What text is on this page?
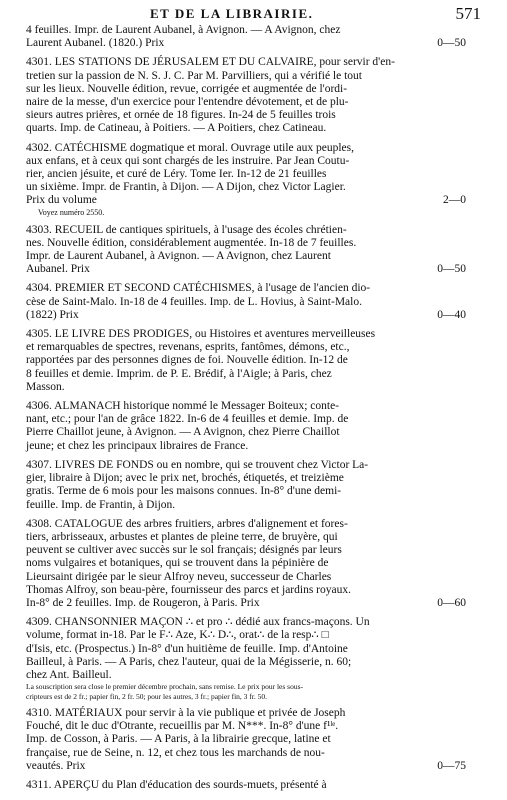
ET DE LA LIBRAIRIE.	571
4 feuilles. Impr. de Laurent Aubanel, à Avignon. — A Avignon, chez
Laurent Aubanel. (1820.) Prix	0—50
4301. LES STATIONS DE JÉRUSALEM ET DU CALVAIRE, pour servir d'en-
tretien sur la passion de N. S. J. C. Par M. Parvilliers, qui a vérifié le tout
sur les lieux. Nouvelle édition, revue, corrigée et augmentée de l'ordi-
naire de la messe, d'un exercice pour l'entendre dévotement, et de plu-
sieurs autres prières, et ornée de 18 figures. In-24 de 5 feuilles trois
quarts. Imp. de Catineau, à Poitiers. — A Poitiers, chez Catineau.
4302. CATÉCHISME dogmatique et moral. Ouvrage utile aux peuples,
aux enfans, et à ceux qui sont chargés de les instruire. Par Jean Coutu-
rier, ancien jésuite, et curé de Léry. Tome Ier. In-12 de 21 feuilles
un sixième. Impr. de Frantin, à Dijon. — A Dijon, chez Victor Lagier.
Prix du volume	2—0
Voyez numéro 2550.
4303. RECUEIL de cantiques spirituels, à l'usage des écoles chrétien-
nes. Nouvelle édition, considérablement augmentée. In-18 de 7 feuilles.
Impr. de Laurent Aubanel, à Avignon. — A Avignon, chez Laurent
Aubanel. Prix	0—50
4304. PREMIER ET SECOND CATÉCHISMES, à l'usage de l'ancien dio-
cèse de Saint-Malo. In-18 de 4 feuilles. Imp. de L. Hovius, à Saint-Malo.
(1822) Prix	0—40
4305. LE LIVRE DES PRODIGES, ou Histoires et aventures merveilleuses
et remarquables de spectres, revenans, esprits, fantômes, démons, etc.,
rapportées par des personnes dignes de foi. Nouvelle édition. In-12 de
8 feuilles et demie. Imprim. de P. E. Brédif, à l'Aigle; à Paris, chez
Masson.
4306. ALMANACH historique nommé le Messager Boiteux; conte-
nant, etc.; pour l'an de grâce 1822. In-6 de 4 feuilles et demie. Imp. de
Pierre Chaillot jeune, à Avignon. — A Avignon, chez Pierre Chaillot
jeune; et chez les principaux libraires de France.
4307. LIVRES DE FONDS ou en nombre, qui se trouvent chez Victor La-
gier, libraire à Dijon; avec le prix net, brochés, étiquetés, et treizième
gratis. Terme de 6 mois pour les maisons connues. In-8° d'une demi-
feuille. Imp. de Frantin, à Dijon.
4308. CATALOGUE des arbres fruitiers, arbres d'alignement et fores-
tiers, arbrisseaux, arbustes et plantes de pleine terre, de bruyère, qui
peuvent se cultiver avec succès sur le sol français; désignés par leurs
noms vulgaires et botaniques, qui se trouvent dans la pépinière de
Lieursaint dirigée par le sieur Alfroy neveu, successeur de Charles
Thomas Alfroy, son beau-père, fournisseur des parcs et jardins royaux.
In-8° de 2 feuilles. Imp. de Rougeron, à Paris. Prix	0—60
4309. CHANSONNIER MAÇON ∴ et pro ∴ dédié aux francs-maçons. Un
volume, format in-18. Par le F∴ Aze, K∴ D∴, orat∴ de la resp∴ □
d'Isis, etc. (Prospectus.) In-8° d'un huitième de feuille. Imp. d'Antoine
Bailleul, à Paris. — A Paris, chez l'auteur, quai de la Mégisserie, n. 60;
chez Ant. Bailleul.
La souscription sera close le premier décembre prochain, sans remise. Le prix pour les sous-
cripteurs est de 2 fr.; papier fin, 2 fr. 50; pour les autres, 3 fr.; papier fin, 3 fr. 50.
4310. MATÉRIAUX pour servir à la vie publique et privée de Joseph
Fouché, dit le duc d'Otrante, recueillis par M. N***. In-8° d'une f¹ˡᵉ.
Imp. de Cosson, à Paris. — A Paris, à la librairie grecque, latine et
française, rue de Seine, n. 12, et chez tous les marchands de nou-
veautés. Prix	0—75
4311. APERÇU du Plan d'éducation des sourds-muets, présenté à
